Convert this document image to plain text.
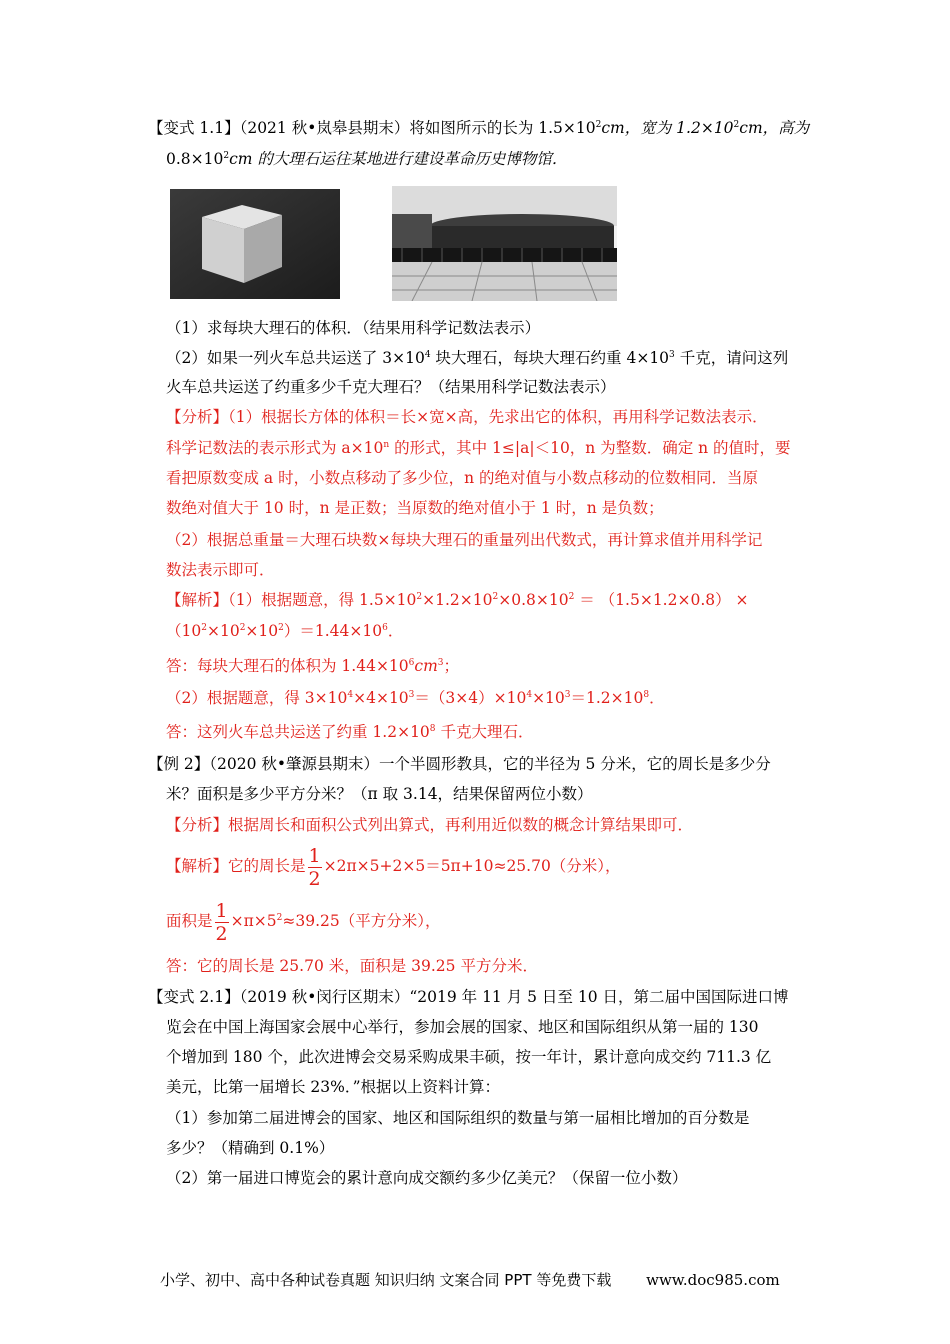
【变式 1.1】（2021 秋•岚皋县期末）将如图所示的长为 $1.5\times 10^2cm$，宽为 $1.2\times 10^2cm$，高为
$0.8\times 10^2cm$ 的大理石运往某地进行建设革命历史博物馆．
（1）求每块大理石的体积．（结果用科学记数法表示）
（2）如果一列火车总共运送了 $3\times 10^4$ 块大理石，每块大理石约重 $4\times 10^3$ 千克，请问这列
火车总共运送了约重多少千克大理石？（结果用科学记数法表示）
【分析】（1）根据长方体的体积＝长×宽×高，先求出它的体积，再用科学记数法表示．
科学记数法的表示形式为 $a\times 10^n$ 的形式，其中 1≤|a|＜10，n 为整数．确定 n 的值时，要
看把原数变成 a 时，小数点移动了多少位，n 的绝对值与小数点移动的位数相同．当原
数绝对值大于 10 时，n 是正数；当原数的绝对值小于 1 时，n 是负数；
（2）根据总重量＝大理石块数×每块大理石的重量列出代数式，再计算求值并用科学记
数法表示即可．
【解析】（1）根据题意，得 $1.5\times 10^2\times 1.2\times 10^2\times 0.8\times 10^2 = (1.5\times 1.2\times 0.8)$ ×
$(10^2\times 10^2\times 10^2)=1.44\times 10^6$．
答：每块大理石的体积为 $1.44\times 10^6cm^3$；
（2）根据题意，得 $3\times 10^4\times 4\times 10^3=(3\times 4)\times 10^4\times 10^3=1.2\times 10^8$．
答：这列火车总共运送了约重 $1.2\times 10^8$ 千克大理石．
【例 2】（2020 秋•肇源县期末）一个半圆形教具，它的半径为 5 分米，它的周长是多少分
米？面积是多少平方分米？（π 取 3.14，结果保留两位小数）
【分析】根据周长和面积公式列出算式，再利用近似数的概念计算结果即可．
【解析】它的周长是 $\frac{1}{2} \times 2\pi\times 5+2\times 5=5\pi+10\approx 25.70$（分米），
面积是 $\frac{1}{2} \times\pi\times 5^2\approx 39.25$（平方分米），
答：它的周长是 25.70 米，面积是 39.25 平方分米．
【变式 2.1】（2019 秋•闵行区期末）“2019 年 11 月 5 日至 10 日，第二届中国国际进口博
览会在中国上海国家会展中心举行，参加会展的国家、地区和国际组织从第一届的 130
个增加到 180 个，此次进博会交易采购成果丰硕，按一年计，累计意向成交约 711.3 亿
美元，比第一届增长 23%．”根据以上资料计算：
（1）参加第二届进博会的国家、地区和国际组织的数量与第一届相比增加的百分数是
多少？（精确到 0.1%）
（2）第一届进口博览会的累计意向成交额约多少亿美元？（保留一位小数）
小学、初中、高中各种试卷真题 知识归纳 文案合同 PPT 等免费下载 www.doc985.com
